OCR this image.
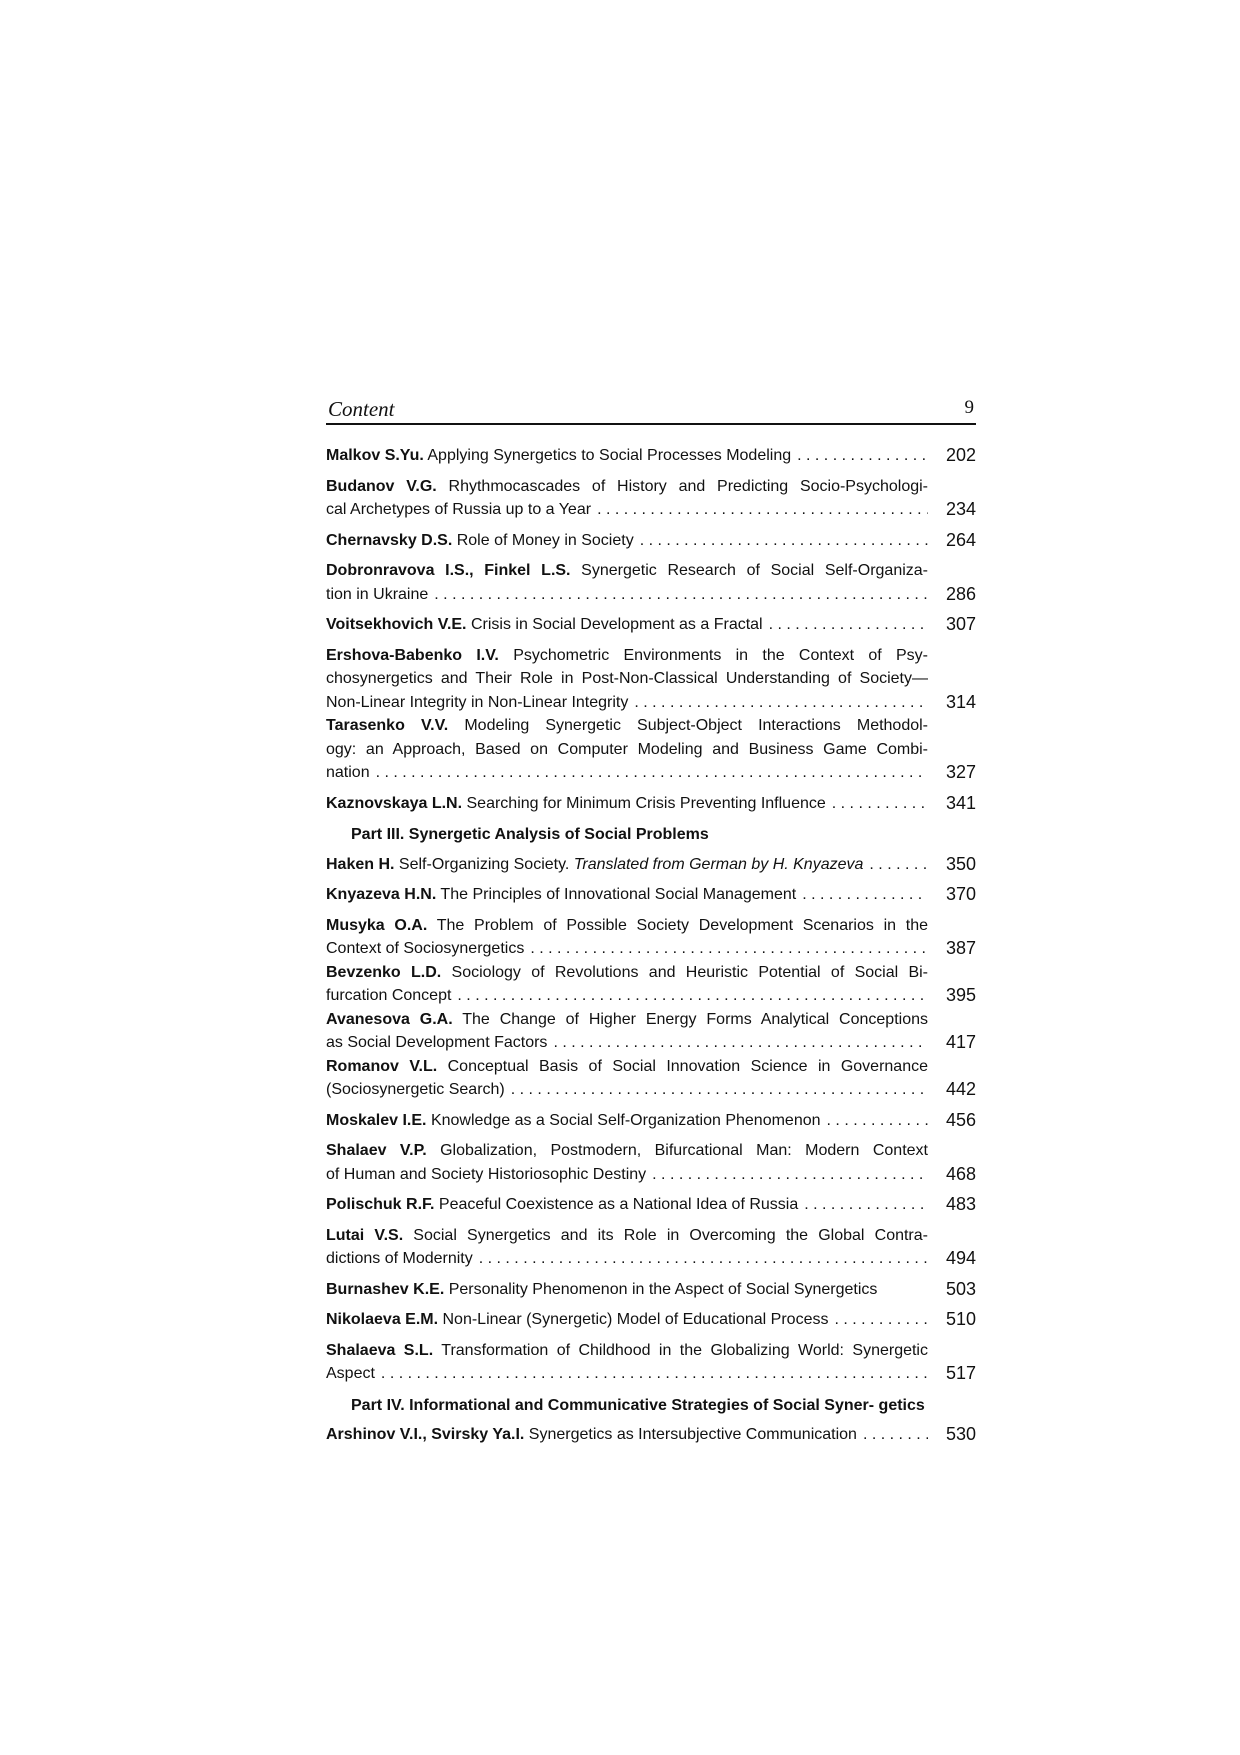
Content	9
Malkov S.Yu. Applying Synergetics to Social Processes Modeling . . .	202
Budanov V.G. Rhythmocascades of History and Predicting Socio-Psychologi-
cal Archetypes of Russia up to a Year . . .	234
Chernavsky D.S. Role of Money in Society . . .	264
Dobronravova I.S., Finkel L.S. Synergetic Research of Social Self-Organiza-
tion in Ukraine . . .	286
Voitsekhovich V.E. Crisis in Social Development as a Fractal . . .	307
Ershova-Babenko I.V. Psychometric Environments in the Context of Psy-
chosynergetics and Their Role in Post-Non-Classical Understanding of Society—
Non-Linear Integrity in Non-Linear Integrity . . .	314
Tarasenko V.V. Modeling Synergetic Subject-Object Interactions Methodol-
ogy: an Approach, Based on Computer Modeling and Business Game Combi-
nation . . .	327
Kaznovskaya L.N. Searching for Minimum Crisis Preventing Influence . . .	341
Part III. Synergetic Analysis of Social Problems
Haken H. Self-Organizing Society. Translated from German by H. Knyazeva . . .	350
Knyazeva H.N. The Principles of Innovational Social Management . . .	370
Musyka O.A. The Problem of Possible Society Development Scenarios in the
Context of Sociosynergetics . . .	387
Bevzenko L.D. Sociology of Revolutions and Heuristic Potential of Social Bi-
furcation Concept . . .	395
Avanesova G.A. The Change of Higher Energy Forms Analytical Conceptions
as Social Development Factors . . .	417
Romanov V.L. Conceptual Basis of Social Innovation Science in Governance
(Sociosynergetic Search) . . .	442
Moskalev I.E. Knowledge as a Social Self-Organization Phenomenon . . .	456
Shalaev V.P. Globalization, Postmodern, Bifurcational Man: Modern Context
of Human and Society Historiosophic Destiny . . .	468
Polischuk R.F. Peaceful Coexistence as a National Idea of Russia . . .	483
Lutai V.S. Social Synergetics and its Role in Overcoming the Global Contra-
dictions of Modernity . . .	494
Burnashev K.E. Personality Phenomenon in the Aspect of Social Synergetics	503
Nikolaeva E.M. Non-Linear (Synergetic) Model of Educational Process . . .	510
Shalaeva S.L. Transformation of Childhood in the Globalizing World: Synergetic
Aspect . . .	517
Part IV. Informational and Communicative Strategies of Social Syner- getics
Arshinov V.I., Svirsky Ya.I. Synergetics as Intersubjective Communication . . .	530
